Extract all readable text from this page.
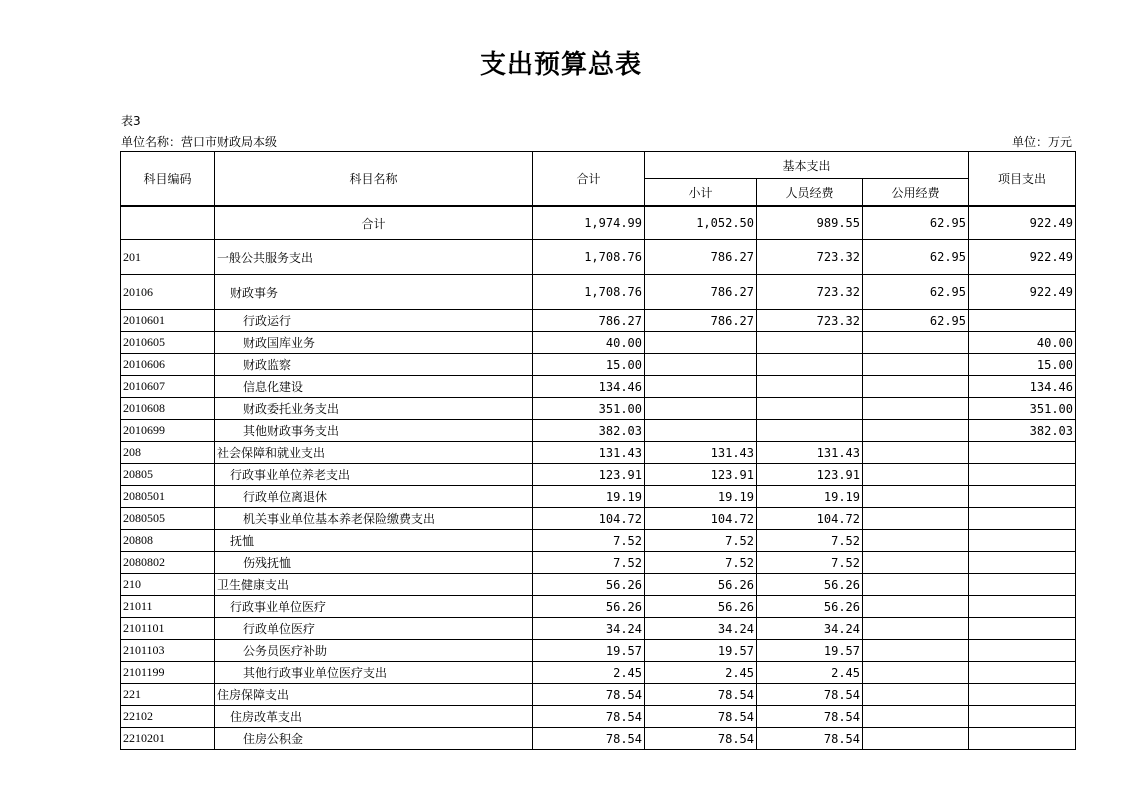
支出预算总表
表3
单位名称：营口市财政局本级	单位：万元
科目编码	科目名称	合计	基本支出			项目支出
			小计	人员经费	公用经费	
	合计	1,974.99	1,052.50	989.55	62.95	922.49
201	一般公共服务支出	1,708.76	786.27	723.32	62.95	922.49
20106	财政事务	1,708.76	786.27	723.32	62.95	922.49
2010601	行政运行	786.27	786.27	723.32	62.95	
2010605	财政国库业务	40.00				40.00
2010606	财政监察	15.00				15.00
2010607	信息化建设	134.46				134.46
2010608	财政委托业务支出	351.00				351.00
2010699	其他财政事务支出	382.03				382.03
208	社会保障和就业支出	131.43	131.43	131.43		
20805	行政事业单位养老支出	123.91	123.91	123.91		
2080501	行政单位离退休	19.19	19.19	19.19		
2080505	机关事业单位基本养老保险缴费支出	104.72	104.72	104.72		
20808	抚恤	7.52	7.52	7.52		
2080802	伤残抚恤	7.52	7.52	7.52		
210	卫生健康支出	56.26	56.26	56.26		
21011	行政事业单位医疗	56.26	56.26	56.26		
2101101	行政单位医疗	34.24	34.24	34.24		
2101103	公务员医疗补助	19.57	19.57	19.57		
2101199	其他行政事业单位医疗支出	2.45	2.45	2.45		
221	住房保障支出	78.54	78.54	78.54		
22102	住房改革支出	78.54	78.54	78.54		
2210201	住房公积金	78.54	78.54	78.54		
